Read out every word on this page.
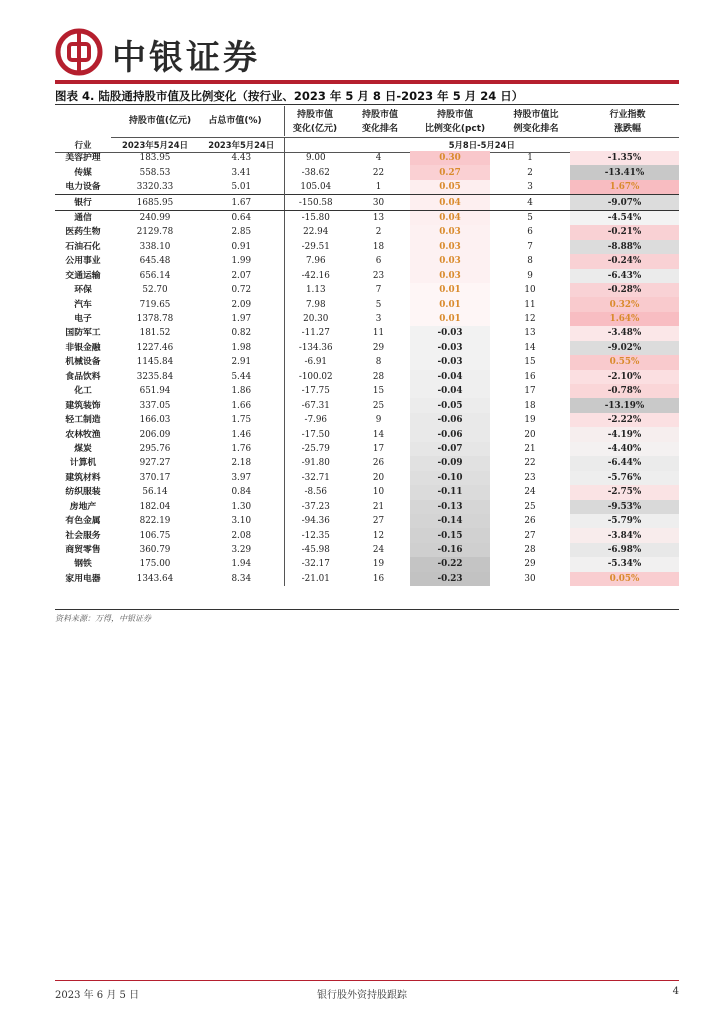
中银证券
图表 4. 陆股通持股市值及比例变化（按行业、2023 年 5 月 8 日-2023 年 5 月 24 日）
持股市值(亿元)	占总市值(%)
持股市值
变化(亿元)
持股市值
变化排名
持股市值
比例变化(pct)
持股市值比
例变化排名
行业指数
涨跌幅
行业	2023年5月24日	2023年5月24日	5月8日-5月24日
美容护理	183.95	4.43	9.00	4	0.30	1	-1.35%
传媒	558.53	3.41	-38.62	22	0.27	2	-13.41%
电力设备	3320.33	5.01	105.04	1	0.05	3	1.67%
银行	1685.95	1.67	-150.58	30	0.04	4	-9.07%
通信	240.99	0.64	-15.80	13	0.04	5	-4.54%
医药生物	2129.78	2.85	22.94	2	0.03	6	-0.21%
石油石化	338.10	0.91	-29.51	18	0.03	7	-8.88%
公用事业	645.48	1.99	7.96	6	0.03	8	-0.24%
交通运输	656.14	2.07	-42.16	23	0.03	9	-6.43%
环保	52.70	0.72	1.13	7	0.01	10	-0.28%
汽车	719.65	2.09	7.98	5	0.01	11	0.32%
电子	1378.78	1.97	20.30	3	0.01	12	1.64%
国防军工	181.52	0.82	-11.27	11	-0.03	13	-3.48%
非银金融	1227.46	1.98	-134.36	29	-0.03	14	-9.02%
机械设备	1145.84	2.91	-6.91	8	-0.03	15	0.55%
食品饮料	3235.84	5.44	-100.02	28	-0.04	16	-2.10%
化工	651.94	1.86	-17.75	15	-0.04	17	-0.78%
建筑装饰	337.05	1.66	-67.31	25	-0.05	18	-13.19%
轻工制造	166.03	1.75	-7.96	9	-0.06	19	-2.22%
农林牧渔	206.09	1.46	-17.50	14	-0.06	20	-4.19%
煤炭	295.76	1.76	-25.79	17	-0.07	21	-4.40%
计算机	927.27	2.18	-91.80	26	-0.09	22	-6.44%
建筑材料	370.17	3.97	-32.71	20	-0.10	23	-5.76%
纺织服装	56.14	0.84	-8.56	10	-0.11	24	-2.75%
房地产	182.04	1.30	-37.23	21	-0.13	25	-9.53%
有色金属	822.19	3.10	-94.36	27	-0.14	26	-5.79%
社会服务	106.75	2.08	-12.35	12	-0.15	27	-3.84%
商贸零售	360.79	3.29	-45.98	24	-0.16	28	-6.98%
钢铁	175.00	1.94	-32.17	19	-0.22	29	-5.34%
家用电器	1343.64	8.34	-21.01	16	-0.23	30	0.05%
资料来源：万得，中银证券
2023 年 6 月 5 日	银行股外资持股跟踪	4
